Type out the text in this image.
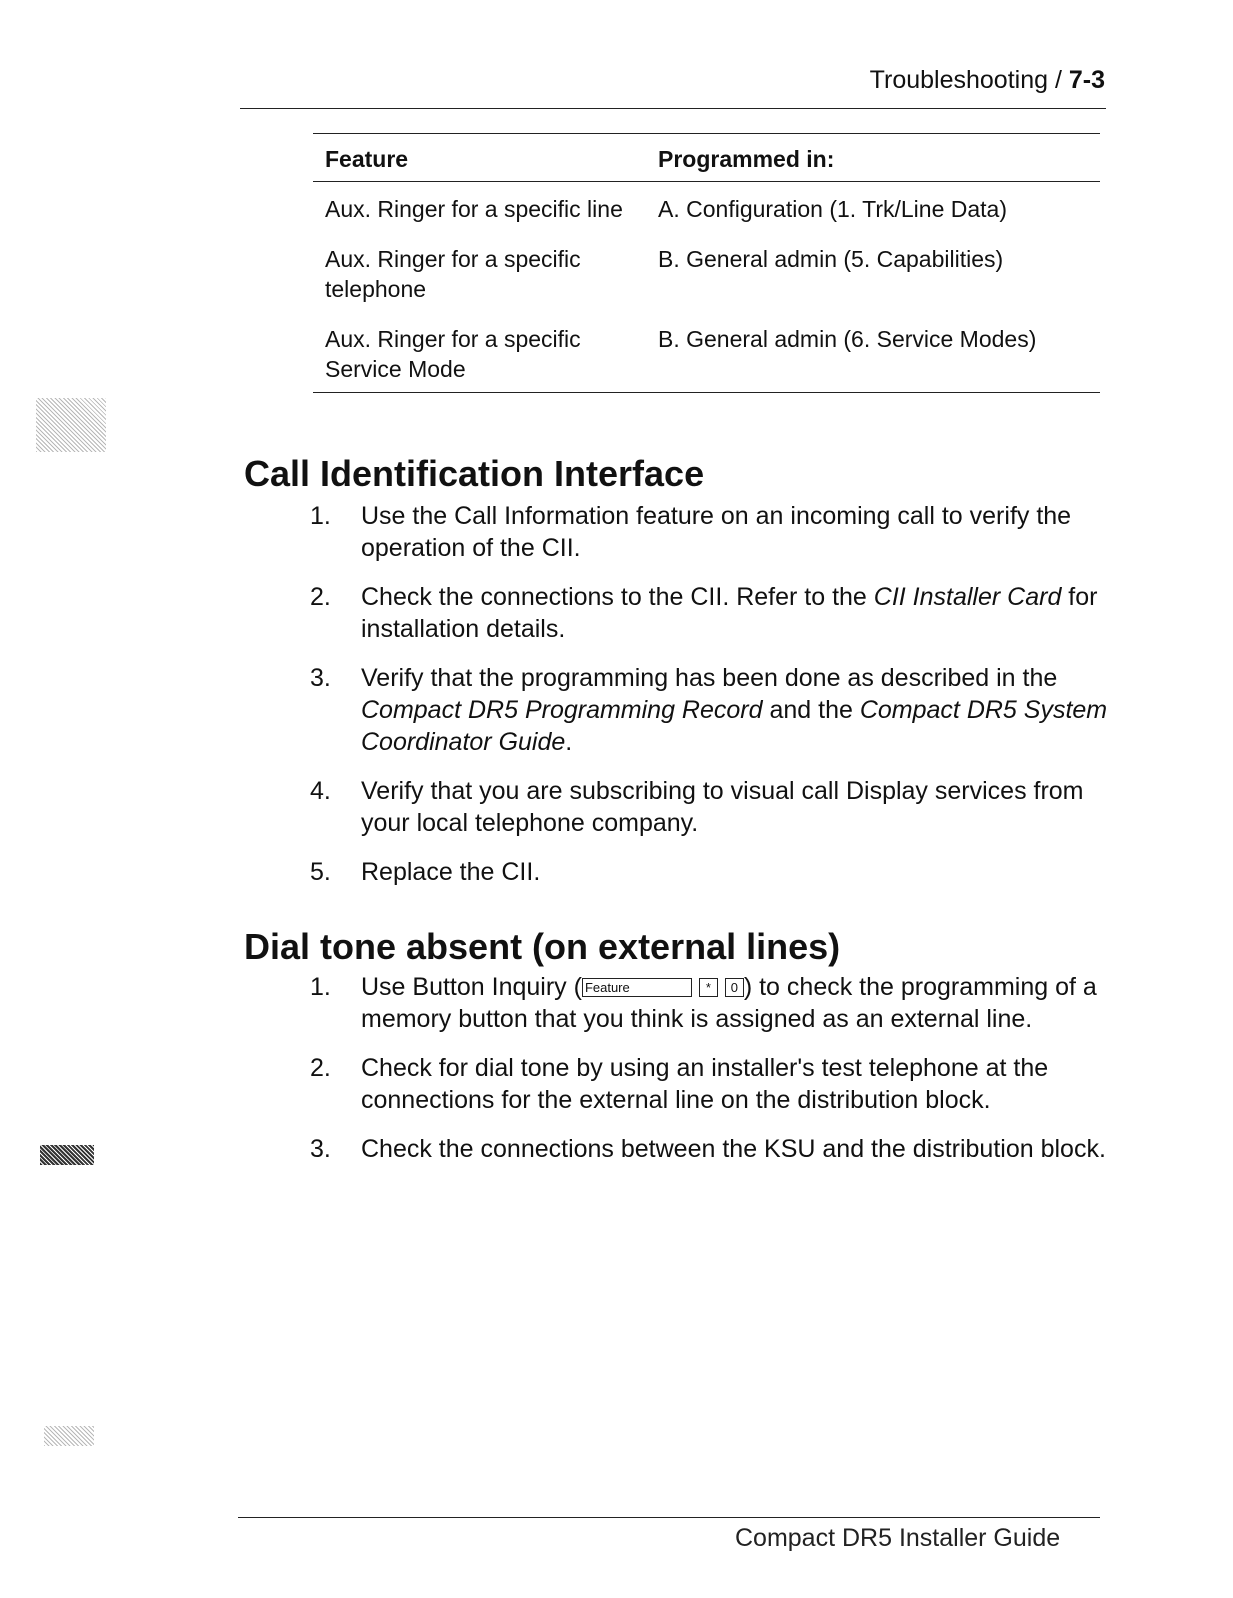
Troubleshooting / 7-3
Feature	Programmed in:
Aux. Ringer for a specific line	A. Configuration (1. Trk/Line Data)
Aux. Ringer for a specific telephone	B. General admin (5. Capabilities)
Aux. Ringer for a specific Service Mode	B. General admin (6. Service Modes)
Call Identification Interface
1.	Use the Call Information feature on an incoming call to verify the operation of the CII.
2.	Check the connections to the CII. Refer to the CII Installer Card for installation details.
3.	Verify that the programming has been done as described in the Compact DR5 Programming Record and the Compact DR5 System Coordinator Guide.
4.	Verify that you are subscribing to visual call Display services from your local telephone company.
5.	Replace the CII.
Dial tone absent (on external lines)
1.	Use Button Inquiry ( Feature	* 0 ) to check the programming of a memory button that you think is assigned as an external line.
2.	Check for dial tone by using an installer's test telephone at the connections for the external line on the distribution block.
3.	Check the connections between the KSU and the distribution block.
Compact DR5 Installer Guide
